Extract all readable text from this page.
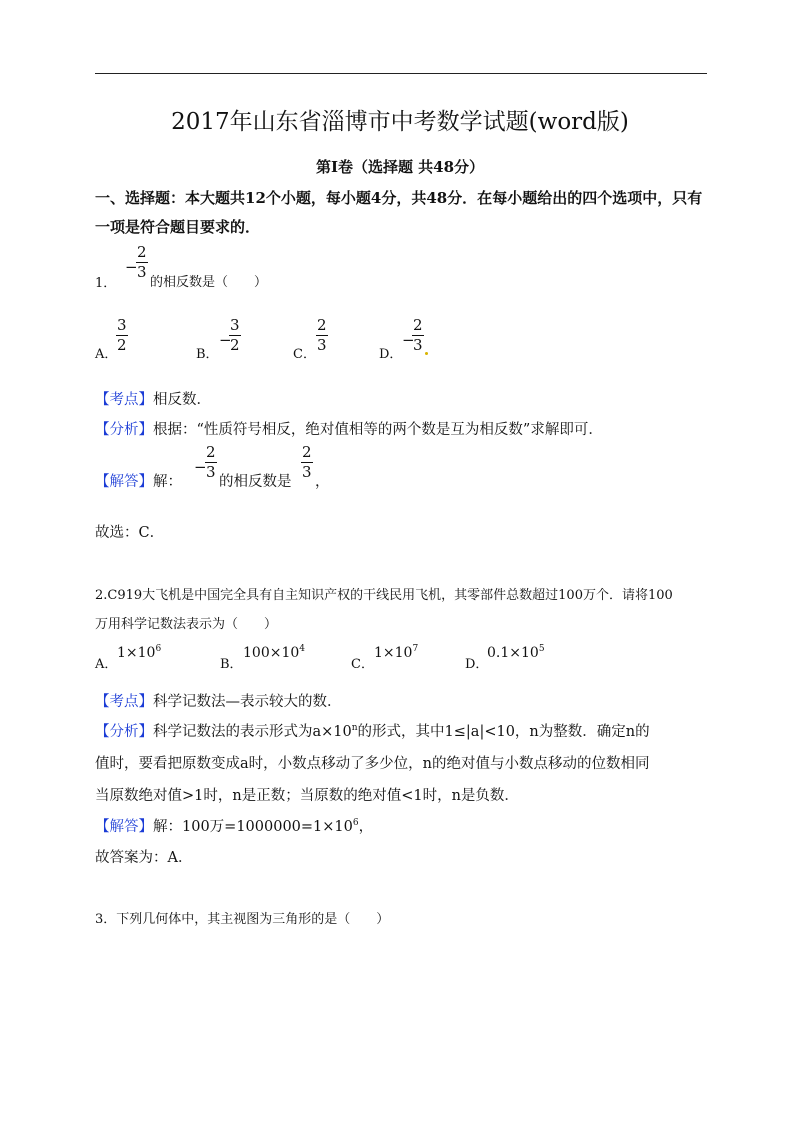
2017年山东省淄博市中考数学试题(word版)
第Ⅰ卷（选择题 共48分）
一、选择题：本大题共12个小题，每小题4分，共48分．在每小题给出的四个选项中，只有一项是符合题目要求的．
1．
−
$\frac{2}{3}$
的相反数是（　　）
A．
$\frac{3}{2}$
B．
−
$\frac{3}{2}$
C．
$\frac{2}{3}$
D．
−
$\frac{2}{3}$
【考点】相反数．
【分析】根据：“性质符号相反，绝对值相等的两个数是互为相反数”求解即可．
【解答】解：
−
$\frac{2}{3}$
的相反数是
$\frac{2}{3}$
，
故选：C．
2.C919大飞机是中国完全具有自主知识产权的干线民用飞机，其零部件总数超过100万个．请将100
万用科学记数法表示为（　　）
A．
$1\times 10^6$
B．
$100\times 10^4$
C．
$1\times 10^7$
D．
$0.1\times 10^5$
【考点】科学记数法—表示较大的数．
【分析】科学记数法的表示形式为$a\times 10^n$的形式，其中1≤|a|<10，n为整数．确定n的
值时，要看把原数变成a时，小数点移动了多少位，n的绝对值与小数点移动的位数相同
当原数绝对值>1时，n是正数；当原数的绝对值<1时，n是负数．
【解答】解：100万$=1000000=1\times 10^6$，
故答案为：A．
3．下列几何体中，其主视图为三角形的是（　　）
